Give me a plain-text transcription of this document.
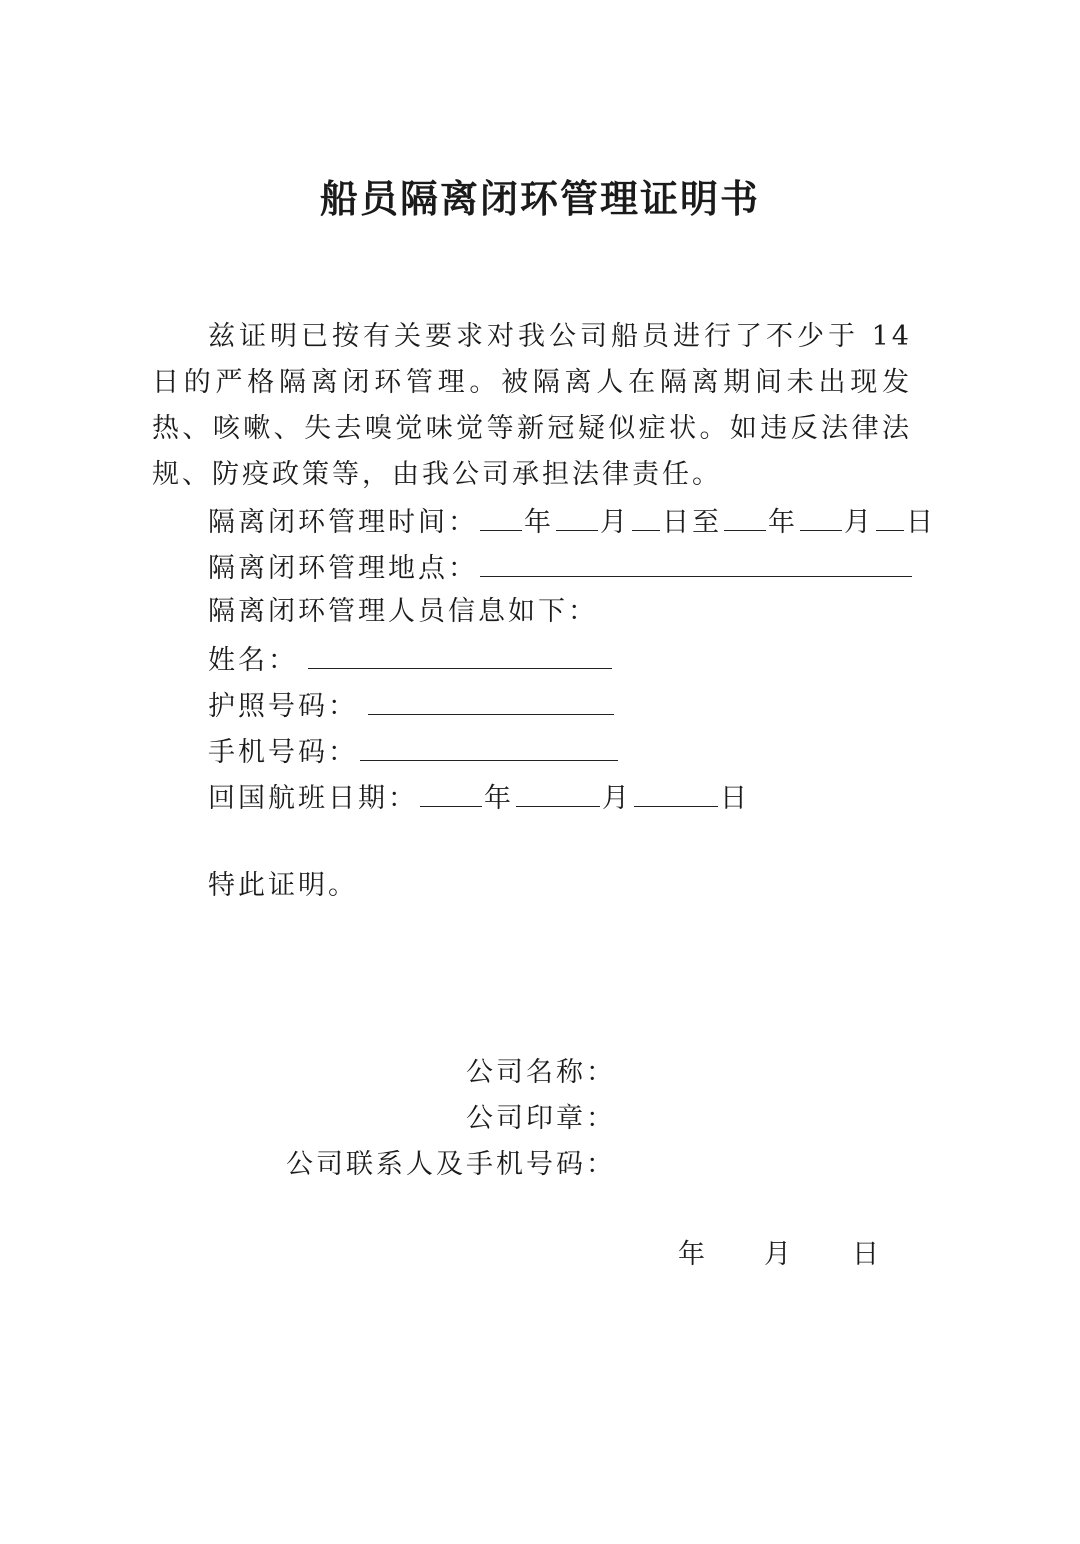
船员隔离闭环管理证明书

兹证明已按有关要求对我公司船员进行了不少于 14 日的严格隔离闭环管理。被隔离人在隔离期间未出现发热、咳嗽、失去嗅觉味觉等新冠疑似症状。如违反法律法规、防疫政策等，由我公司承担法律责任。

隔离闭环管理时间： 年 月 日至 年 月 日
隔离闭环管理地点：
隔离闭环管理人员信息如下：
姓名：
护照号码：
手机号码：
回国航班日期： 年	月	日
特此证明。
公司名称：
公司印章：
公司联系人及手机号码：
年 月 日
